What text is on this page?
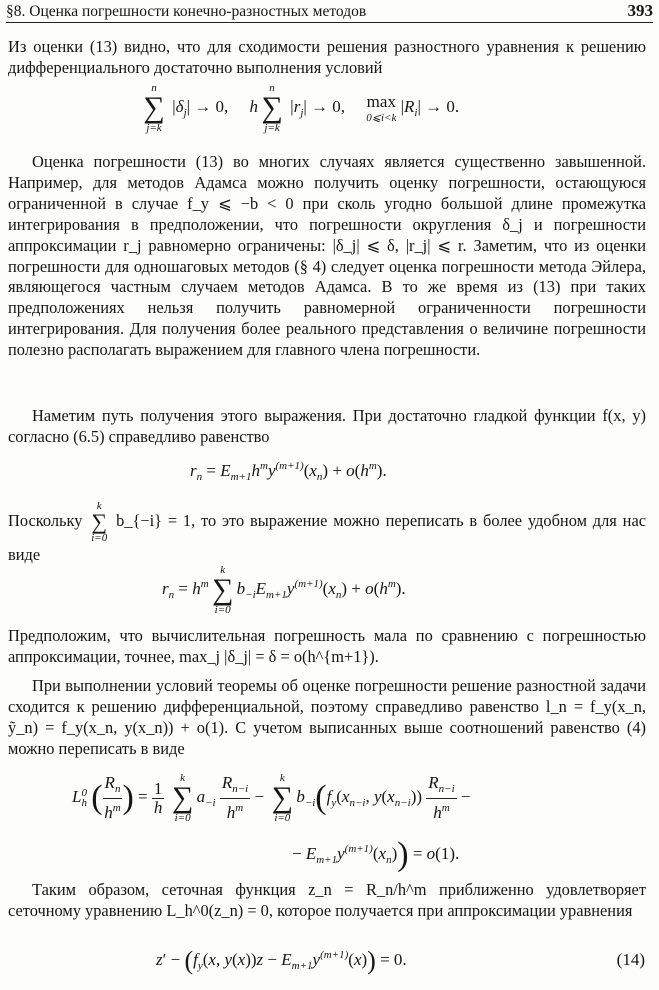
§8. Оценка погрешности конечно-разностных методов	393
Из оценки (13) видно, что для сходимости решения разностного уравнения к решению дифференциального достаточно выполнения условий
n
∑
j=k
$|\delta_j| \to 0$,     h
n
∑
j=k
$|r_j| \to 0$, max
0⩽i<k
$|R_i| \to 0$.
Оценка погрешности (13) во многих случаях является существенно завышенной. Например, для методов Адамса можно получить оценку погрешности, остающуюся ограниченной в случае f_y ⩽ −b < 0 при сколь угодно большой длине промежутка интегрирования в предположении, что погрешности округления δ_j и погрешности аппроксимации r_j равномерно ограничены: |δ_j| ⩽ δ, |r_j| ⩽ r. Заметим, что из оценки погрешности для одношаговых методов (§ 4) следует оценка погрешности метода Эйлера, являющегося частным случаем методов Адамса. В то же время из (13) при таких предположениях нельзя получить равномерной ограниченности погрешности интегрирования. Для получения более реального представления о величине погрешности полезно располагать выражением для главного члена погрешности.
Наметим путь получения этого выражения. При достаточно гладкой функции f(x, y) согласно (6.5) справедливо равенство
$r_n = E_{m+1}h^my^{(m+1)}(x_n) + o(h^m)$.
Поскольку
k
∑
i=0
b_{−i} = 1, то это выражение можно переписать в более удобном для нас виде
$r_n = h^m$
k
∑
i=0
$b_{-i}E_{m+1}y^{(m+1)}(x_n) + o(h^m)$.
Предположим, что вычислительная погрешность мала по сравнению с погрешностью аппроксимации, точнее, max_j |δ_j| = δ = o(h^{m+1}).
При выполнении условий теоремы об оценке погрешности решение разностной задачи сходится к решению дифференциальной, поэтому справедливо равенство l_n = f_y(x_n, ỹ_n) = f_y(x_n, y(x_n)) + o(1). С учетом выписанных выше соотношений равенство (4) можно переписать в виде
L 0
h ( $\frac{R_n}{h^m}$ ) = $\frac{1}{h}$

k
∑
i=0
$a_{-i} \frac{R_{n-i}}{h^m}$ −
k
∑
i=0
$b_{-i}(f_y(x_{n-i}$, $y(x_{n-i})) \frac{R_{n-i}}{h^m}$ −
− $E_{m+1}y^{(m+1)}(x_n)) = o(1)$.
Таким образом, сеточная функция z_n = R_n/h^m приближенно удовлетворяет сеточному уравнению L_h^0(z_n) = 0, которое получается при аппроксимации уравнения
$z' - (f_y(x$, $y(x))z - E_{m+1}y^{(m+1)}(x)) = 0$.	(14)
